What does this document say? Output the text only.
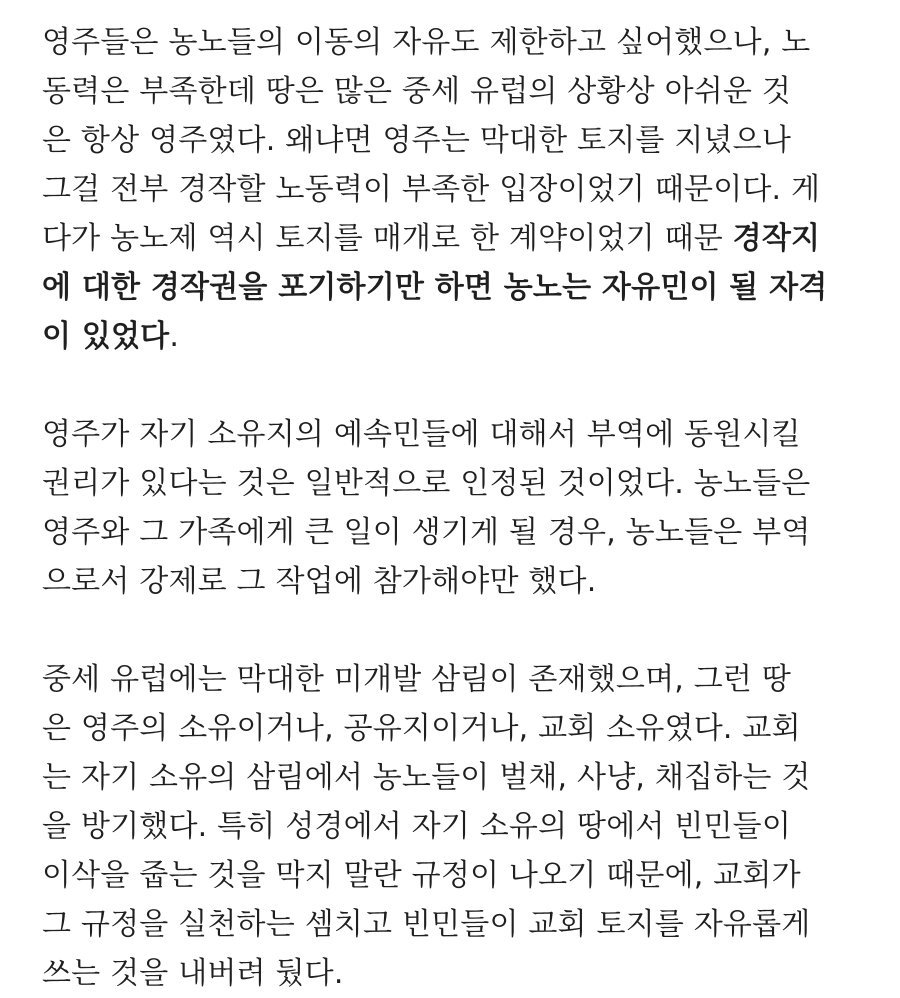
영주들은 농노들의 이동의 자유도 제한하고 싶어했으나, 노
동력은 부족한데 땅은 많은 중세 유럽의 상황상 아쉬운 것
은 항상 영주였다. 왜냐면 영주는 막대한 토지를 지녔으나
그걸 전부 경작할 노동력이 부족한 입장이었기 때문이다. 게
다가 농노제 역시 토지를 매개로 한 계약이었기 때문 경작지
에 대한 경작권을 포기하기만 하면 농노는 자유민이 될 자격
이 있었다.

영주가 자기 소유지의 예속민들에 대해서 부역에 동원시킬
권리가 있다는 것은 일반적으로 인정된 것이었다. 농노들은
영주와 그 가족에게 큰 일이 생기게 될 경우, 농노들은 부역
으로서 강제로 그 작업에 참가해야만 했다.

중세 유럽에는 막대한 미개발 삼림이 존재했으며, 그런 땅
은 영주의 소유이거나, 공유지이거나, 교회 소유였다. 교회
는 자기 소유의 삼림에서 농노들이 벌채, 사냥, 채집하는 것
을 방기했다. 특히 성경에서 자기 소유의 땅에서 빈민들이
이삭을 줍는 것을 막지 말란 규정이 나오기 때문에, 교회가
그 규정을 실천하는 셈치고 빈민들이 교회 토지를 자유롭게
쓰는 것을 내버려 뒀다.
